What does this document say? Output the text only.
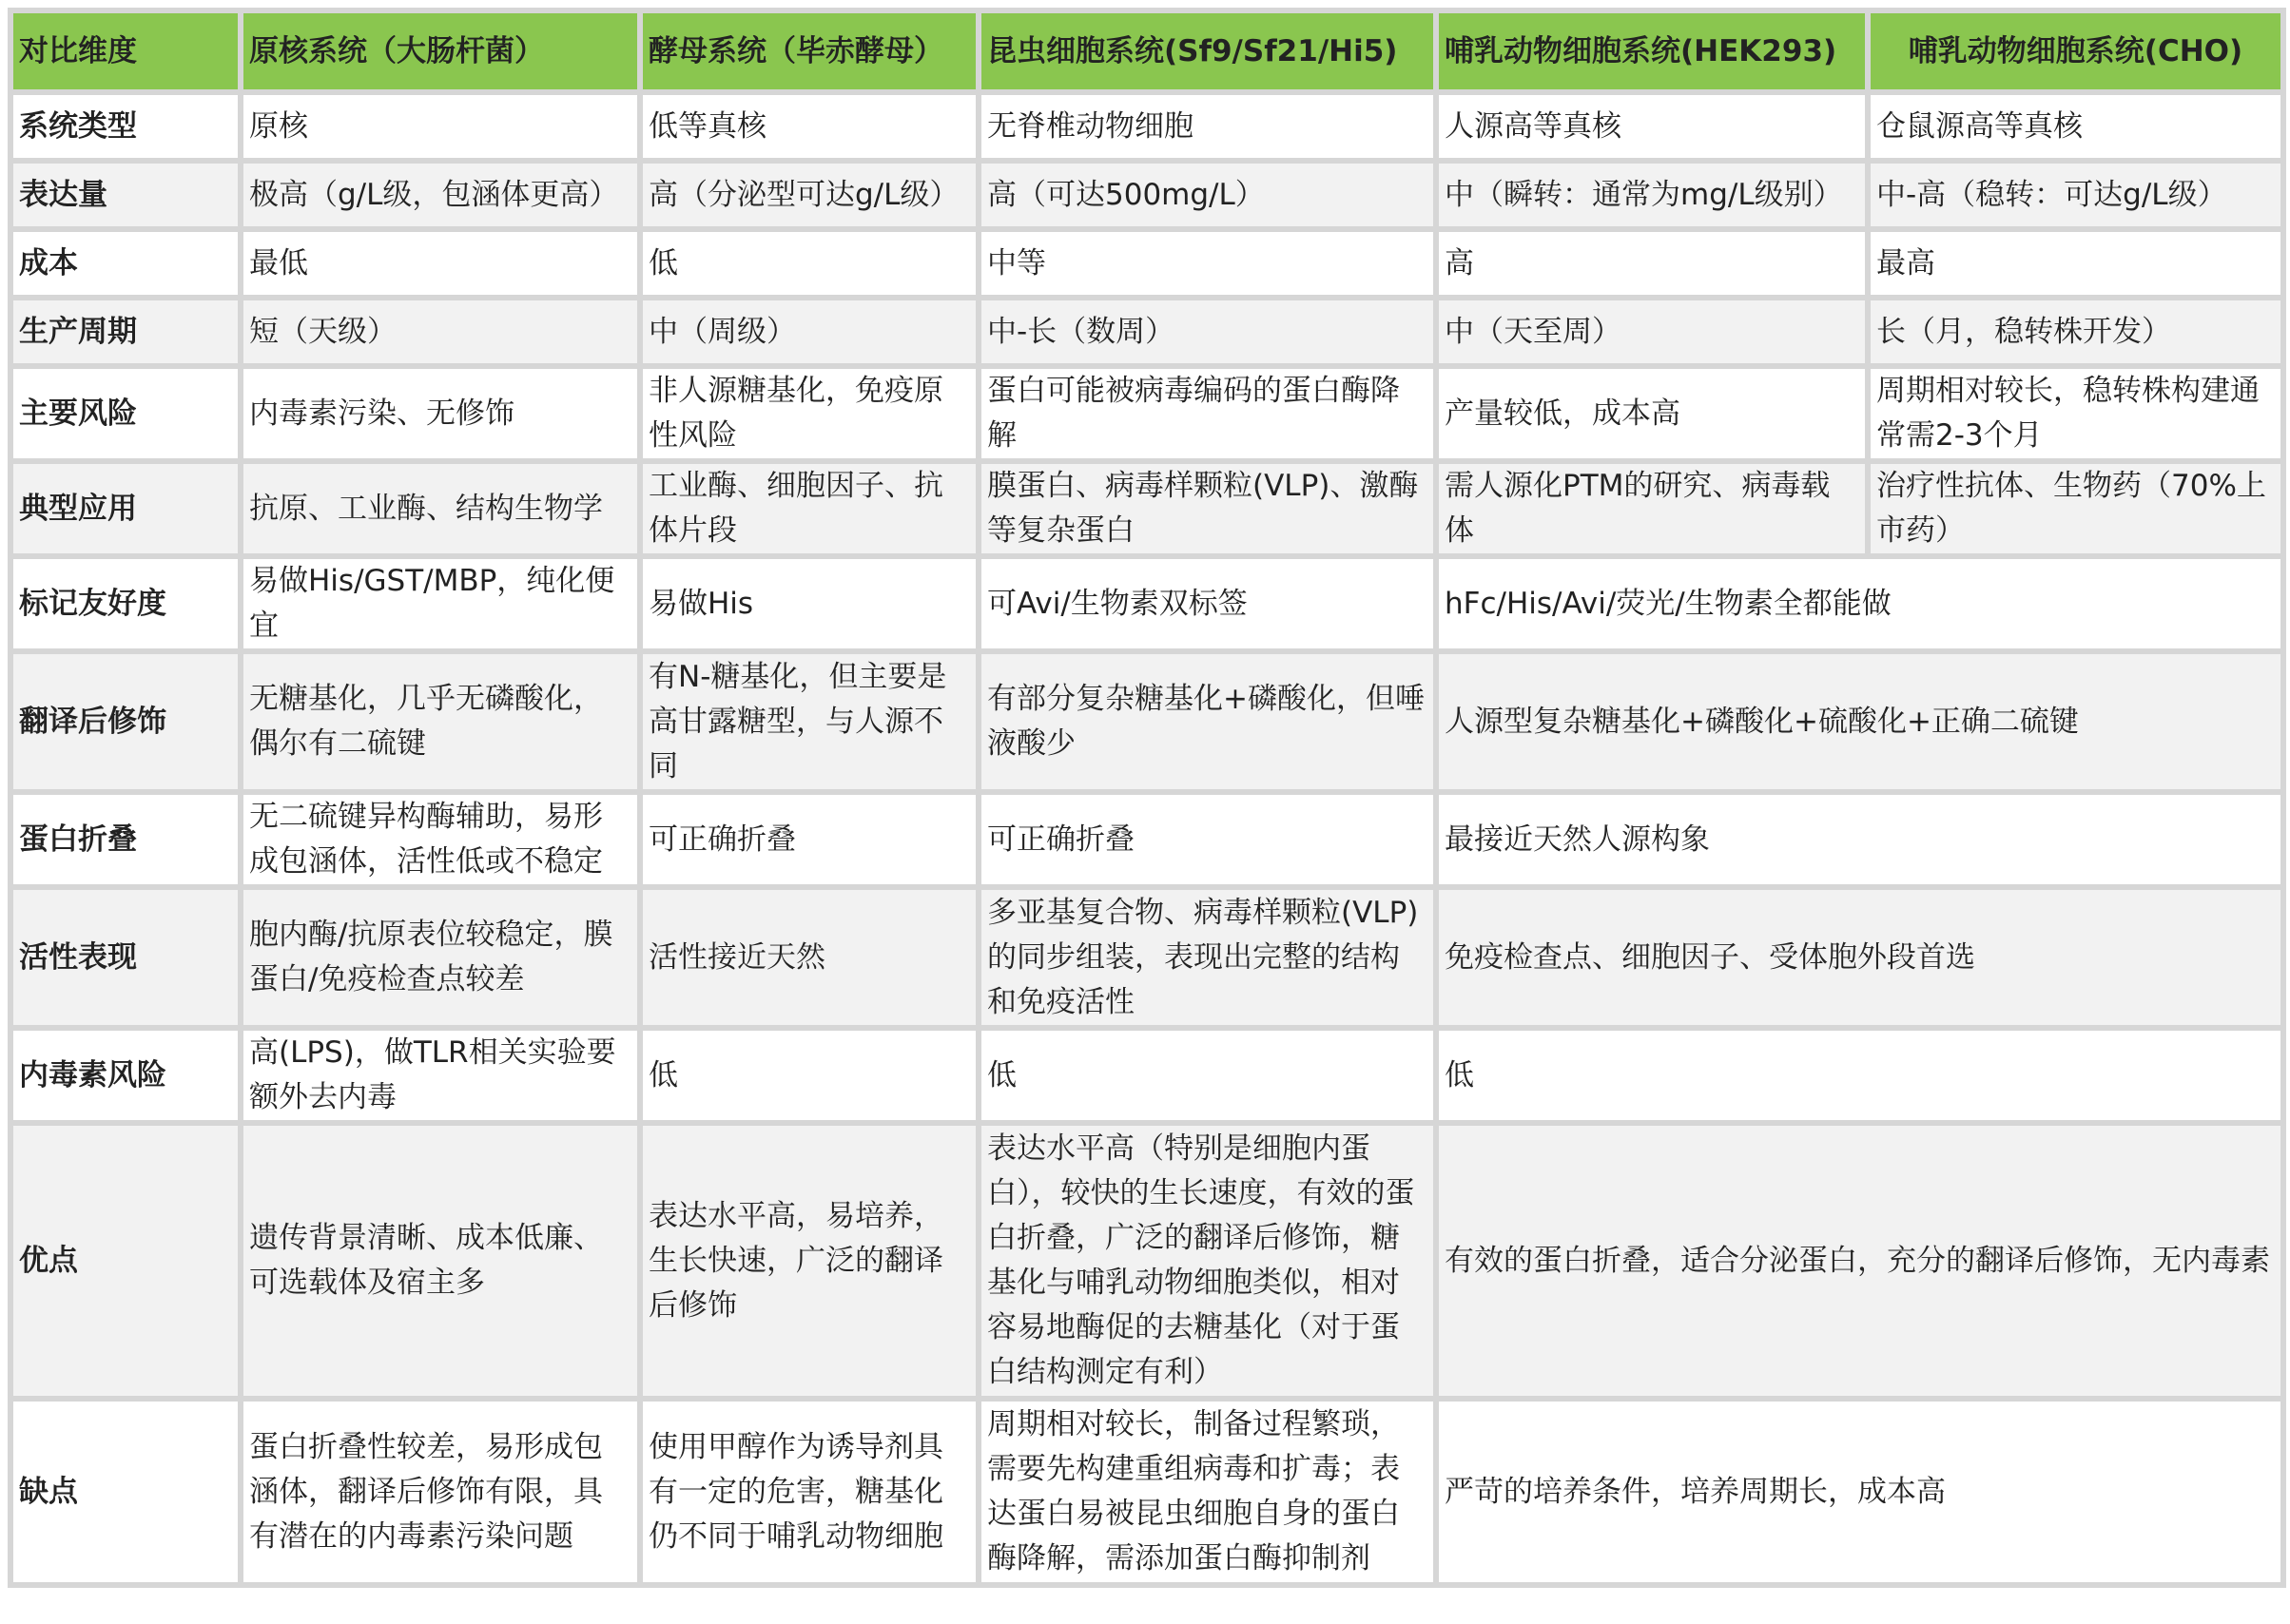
对比维度	原核系统（大肠杆菌）	酵母系统（毕赤酵母）	昆虫细胞系统(Sf9/Sf21/Hi5)	哺乳动物细胞系统(HEK293)	哺乳动物细胞系统(CHO)
系统类型	原核	低等真核	无脊椎动物细胞	人源高等真核	仓鼠源高等真核
表达量	极高（g/L级，包涵体更高）	高（分泌型可达g/L级）	高（可达500mg/L）	中（瞬转：通常为mg/L级别）	中-高（稳转：可达g/L级）
成本	最低	低	中等	高	最高
生产周期	短（天级）	中（周级）	中-长（数周）	中（天至周）	长（月，稳转株开发）
主要风险	内毒素污染、无修饰	非人源糖基化，免疫原性风险	蛋白可能被病毒编码的蛋白酶降解	产量较低，成本高	周期相对较长，稳转株构建通常需2-3个月
典型应用	抗原、工业酶、结构生物学	工业酶、细胞因子、抗体片段	膜蛋白、病毒样颗粒(VLP)、激酶等复杂蛋白	需人源化PTM的研究、病毒载体	治疗性抗体、生物药（70%上市药）
标记友好度	易做His/GST/MBP，纯化便宜	易做His	可Avi/生物素双标签	hFc/His/Avi/荧光/生物素全都能做	
翻译后修饰	无糖基化，几乎无磷酸化，偶尔有二硫键	有N-糖基化，但主要是高甘露糖型，与人源不同	有部分复杂糖基化+磷酸化，但唾液酸少	人源型复杂糖基化+磷酸化+硫酸化+正确二硫键	
蛋白折叠	无二硫键异构酶辅助，易形成包涵体，活性低或不稳定	可正确折叠	可正确折叠	最接近天然人源构象	
活性表现	胞内酶/抗原表位较稳定，膜蛋白/免疫检查点较差	活性接近天然	多亚基复合物、病毒样颗粒(VLP)的同步组装，表现出完整的结构和免疫活性	免疫检查点、细胞因子、受体胞外段首选	
内毒素风险	高(LPS)，做TLR相关实验要额外去内毒	低	低	低	
优点	遗传背景清晰、成本低廉、可选载体及宿主多	表达水平高，易培养，生长快速，广泛的翻译后修饰	表达水平高（特别是细胞内蛋白），较快的生长速度，有效的蛋白折叠，广泛的翻译后修饰，糖基化与哺乳动物细胞类似，相对容易地酶促的去糖基化（对于蛋白结构测定有利）	有效的蛋白折叠，适合分泌蛋白，充分的翻译后修饰，无内毒素	
缺点	蛋白折叠性较差，易形成包涵体，翻译后修饰有限，具有潜在的内毒素污染问题	使用甲醇作为诱导剂具有一定的危害，糖基化仍不同于哺乳动物细胞	周期相对较长，制备过程繁琐，需要先构建重组病毒和扩毒；表达蛋白易被昆虫细胞自身的蛋白酶降解，需添加蛋白酶抑制剂	严苛的培养条件，培养周期长，成本高	
